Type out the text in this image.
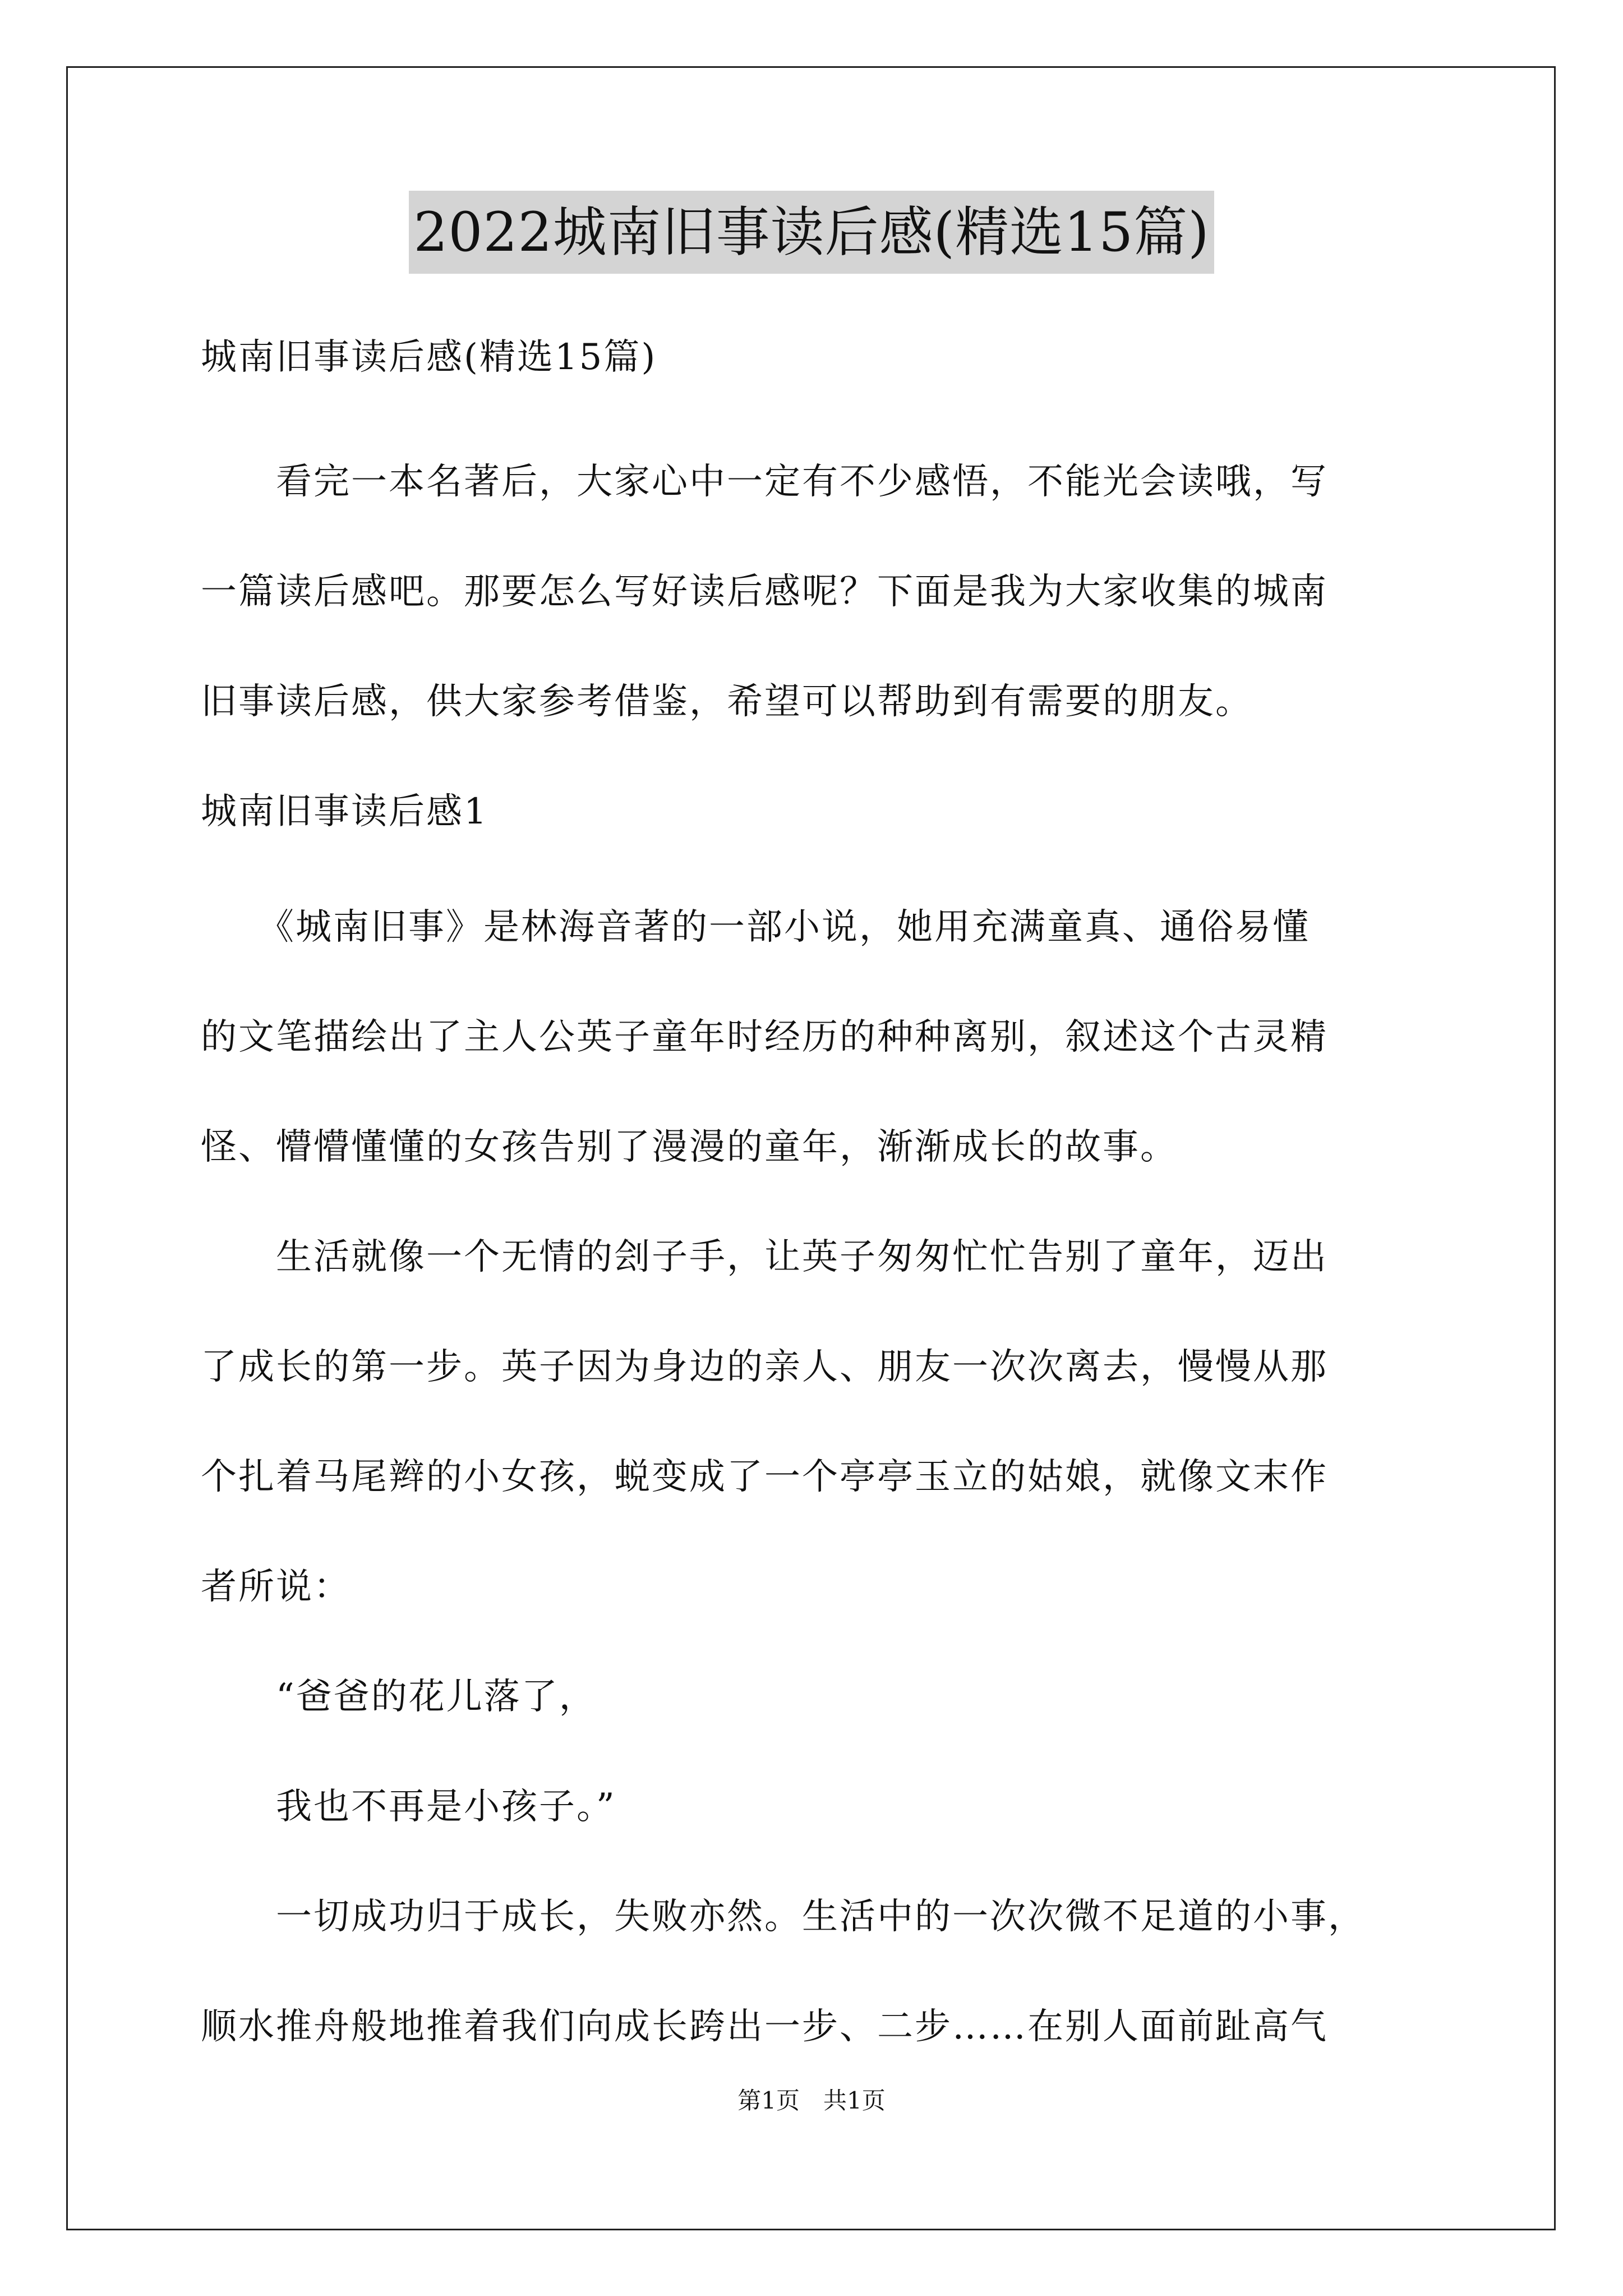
2022城南旧事读后感(精选15篇)
城南旧事读后感(精选15篇)
　　看完一本名著后，大家心中一定有不少感悟，不能光会读哦，写
一篇读后感吧。那要怎么写好读后感呢？下面是我为大家收集的城南
旧事读后感，供大家参考借鉴，希望可以帮助到有需要的朋友。
城南旧事读后感1
　　《城南旧事》是林海音著的一部小说，她用充满童真、通俗易懂
的文笔描绘出了主人公英子童年时经历的种种离别，叙述这个古灵精
怪、懵懵懂懂的女孩告别了漫漫的童年，渐渐成长的故事。
　　生活就像一个无情的刽子手，让英子匆匆忙忙告别了童年，迈出
了成长的第一步。英子因为身边的亲人、朋友一次次离去，慢慢从那
个扎着马尾辫的小女孩，蜕变成了一个亭亭玉立的姑娘，就像文末作
者所说：
　　“爸爸的花儿落了，
　　我也不再是小孩子。”
　　一切成功归于成长，失败亦然。生活中的一次次微不足道的小事，
顺水推舟般地推着我们向成长跨出一步、二步……在别人面前趾高气
第1页　共1页
